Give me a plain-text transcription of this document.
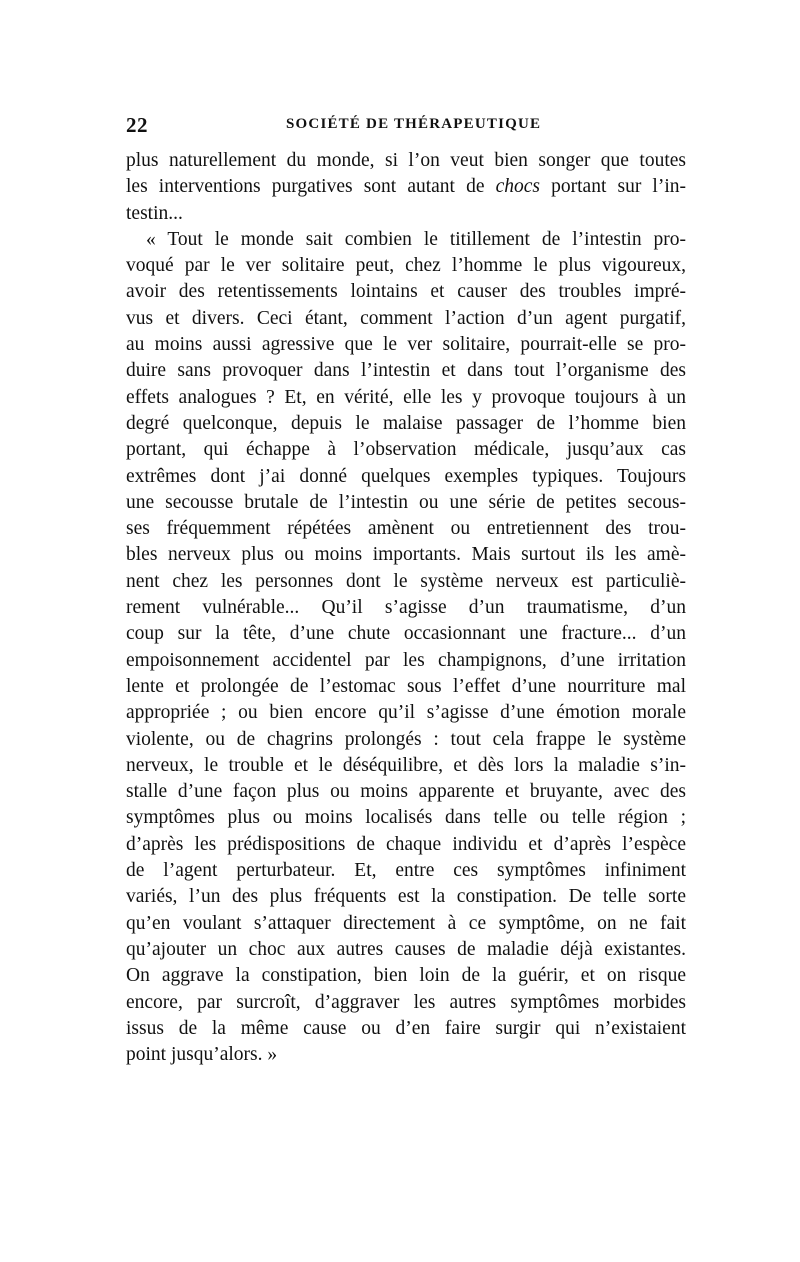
22	SOCIÉTÉ DE THÉRAPEUTIQUE
plus naturellement du monde, si l’on veut bien songer que toutes
les interventions purgatives sont autant de chocs portant sur l’in-
testin...
« Tout le monde sait combien le titillement de l’intestin pro-
voqué par le ver solitaire peut, chez l’homme le plus vigoureux,
avoir des retentissements lointains et causer des troubles impré-
vus et divers. Ceci étant, comment l’action d’un agent purgatif,
au moins aussi agressive que le ver solitaire, pourrait-elle se pro-
duire sans provoquer dans l’intestin et dans tout l’organisme des
effets analogues ? Et, en vérité, elle les y provoque toujours à un
degré quelconque, depuis le malaise passager de l’homme bien
portant, qui échappe à l’observation médicale, jusqu’aux cas
extrêmes dont j’ai donné quelques exemples typiques. Toujours
une secousse brutale de l’intestin ou une série de petites secous-
ses fréquemment répétées amènent ou entretiennent des trou-
bles nerveux plus ou moins importants. Mais surtout ils les amè-
nent chez les personnes dont le système nerveux est particuliè-
rement vulnérable... Qu’il s’agisse d’un traumatisme, d’un
coup sur la tête, d’une chute occasionnant une fracture... d’un
empoisonnement accidentel par les champignons, d’une irritation
lente et prolongée de l’estomac sous l’effet d’une nourriture mal
appropriée ; ou bien encore qu’il s’agisse d’une émotion morale
violente, ou de chagrins prolongés : tout cela frappe le système
nerveux, le trouble et le déséquilibre, et dès lors la maladie s’in-
stalle d’une façon plus ou moins apparente et bruyante, avec des
symptômes plus ou moins localisés dans telle ou telle région ;
d’après les prédispositions de chaque individu et d’après l’espèce
de l’agent perturbateur. Et, entre ces symptômes infiniment
variés, l’un des plus fréquents est la constipation. De telle sorte
qu’en voulant s’attaquer directement à ce symptôme, on ne fait
qu’ajouter un choc aux autres causes de maladie déjà existantes.
On aggrave la constipation, bien loin de la guérir, et on risque
encore, par surcroît, d’aggraver les autres symptômes morbides
issus de la même cause ou d’en faire surgir qui n’existaient
point jusqu’alors. »
